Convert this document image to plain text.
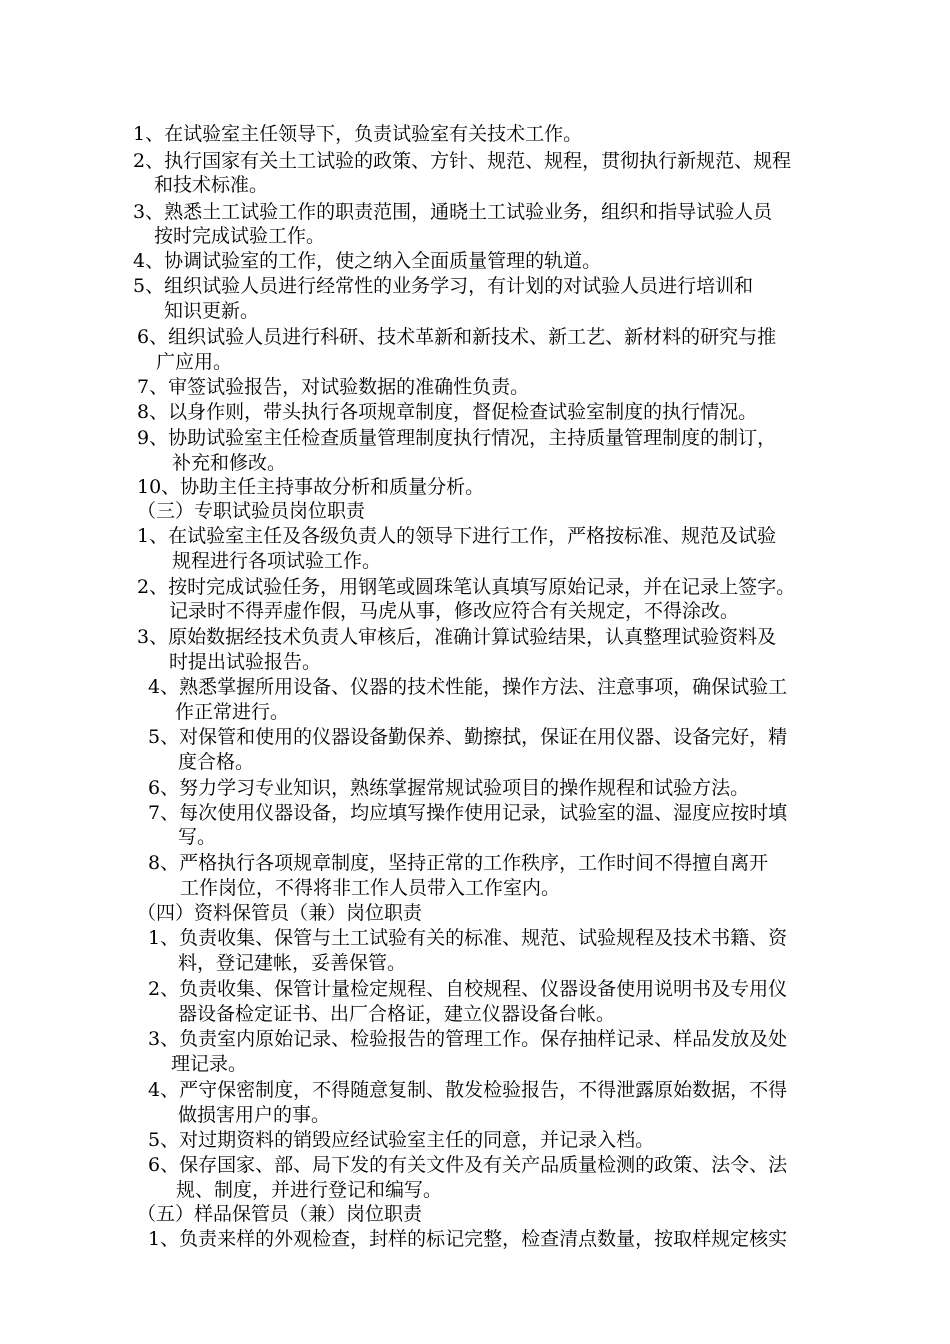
1、在试验室主任领导下，负责试验室有关技术工作。
2、执行国家有关土工试验的政策、方针、规范、规程，贯彻执行新规范、规程
和技术标准。
3、熟悉土工试验工作的职责范围，通晓土工试验业务，组织和指导试验人员
按时完成试验工作。
4、协调试验室的工作，使之纳入全面质量管理的轨道。
5、组织试验人员进行经常性的业务学习，有计划的对试验人员进行培训和
知识更新。
6、组织试验人员进行科研、技术革新和新技术、新工艺、新材料的研究与推
广应用。
7、审签试验报告，对试验数据的准确性负责。
8、以身作则，带头执行各项规章制度，督促检查试验室制度的执行情况。
9、协助试验室主任检查质量管理制度执行情况，主持质量管理制度的制订，
补充和修改。
10、协助主任主持事故分析和质量分析。
（三）专职试验员岗位职责
1、在试验室主任及各级负责人的领导下进行工作，严格按标准、规范及试验
规程进行各项试验工作。
2、按时完成试验任务，用钢笔或圆珠笔认真填写原始记录，并在记录上签字。
记录时不得弄虚作假，马虎从事，修改应符合有关规定，不得涂改。
3、原始数据经技术负责人审核后，准确计算试验结果，认真整理试验资料及
时提出试验报告。
4、熟悉掌握所用设备、仪器的技术性能，操作方法、注意事项，确保试验工
作正常进行。
5、对保管和使用的仪器设备勤保养、勤擦拭，保证在用仪器、设备完好，精
度合格。
6、努力学习专业知识，熟练掌握常规试验项目的操作规程和试验方法。
7、每次使用仪器设备，均应填写操作使用记录，试验室的温、湿度应按时填
写。
8、严格执行各项规章制度，坚持正常的工作秩序，工作时间不得擅自离开
工作岗位，不得将非工作人员带入工作室内。
（四）资料保管员（兼）岗位职责
1、负责收集、保管与土工试验有关的标准、规范、试验规程及技术书籍、资
料，登记建帐，妥善保管。
2、负责收集、保管计量检定规程、自校规程、仪器设备使用说明书及专用仪
器设备检定证书、出厂合格证，建立仪器设备台帐。
3、负责室内原始记录、检验报告的管理工作。保存抽样记录、样品发放及处
理记录。
4、严守保密制度，不得随意复制、散发检验报告，不得泄露原始数据，不得
做损害用户的事。
5、对过期资料的销毁应经试验室主任的同意，并记录入档。
6、保存国家、部、局下发的有关文件及有关产品质量检测的政策、法令、法
规、制度，并进行登记和编写。
（五）样品保管员（兼）岗位职责
1、负责来样的外观检查，封样的标记完整，检查清点数量，按取样规定核实
